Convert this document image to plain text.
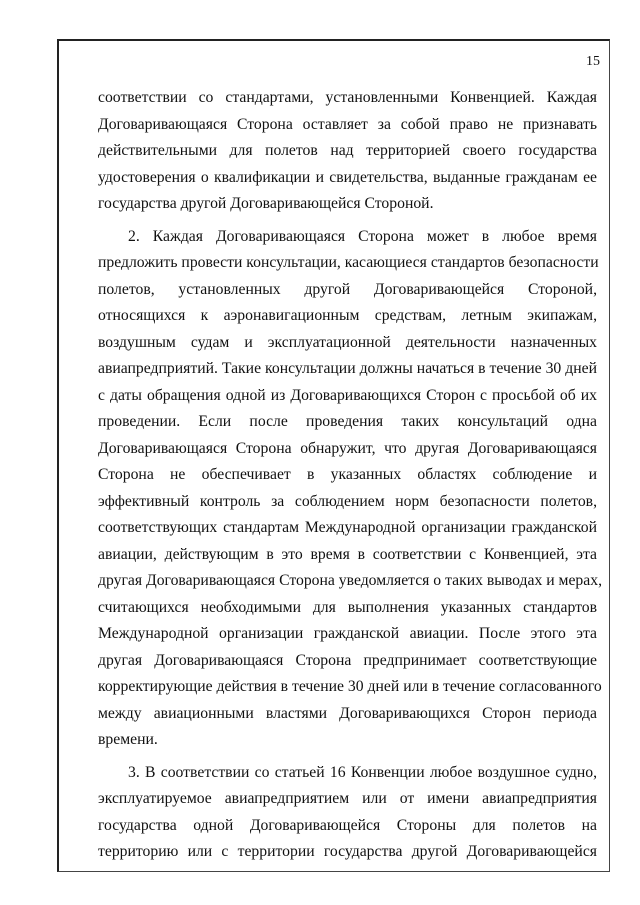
15
соответствии со стандартами, установленными Конвенцией. Каждая
Договаривающаяся Сторона оставляет за собой право не признавать
действительными для полетов над территорией своего государства
удостоверения о квалификации и свидетельства, выданные гражданам ее
государства другой Договаривающейся Стороной.
2. Каждая Договаривающаяся Сторона может в любое время
предложить провести консультации, касающиеся стандартов безопасности
полетов, установленных другой Договаривающейся Стороной,
относящихся к аэронавигационным средствам, летным экипажам,
воздушным судам и эксплуатационной деятельности назначенных
авиапредприятий. Такие консультации должны начаться в течение 30 дней
с даты обращения одной из Договаривающихся Сторон с просьбой об их
проведении. Если после проведения таких консультаций одна
Договаривающаяся Сторона обнаружит, что другая Договаривающаяся
Сторона не обеспечивает в указанных областях соблюдение и
эффективный контроль за соблюдением норм безопасности полетов,
соответствующих стандартам Международной организации гражданской
авиации, действующим в это время в соответствии с Конвенцией, эта
другая Договаривающаяся Сторона уведомляется о таких выводах и мерах,
считающихся необходимыми для выполнения указанных стандартов
Международной организации гражданской авиации. После этого эта
другая Договаривающаяся Сторона предпринимает соответствующие
корректирующие действия в течение 30 дней или в течение согласованного
между авиационными властями Договаривающихся Сторон периода
времени.
3. В соответствии со статьей 16 Конвенции любое воздушное судно,
эксплуатируемое авиапредприятием или от имени авиапредприятия
государства одной Договаривающейся Стороны для полетов на
территорию или с территории государства другой Договаривающейся
